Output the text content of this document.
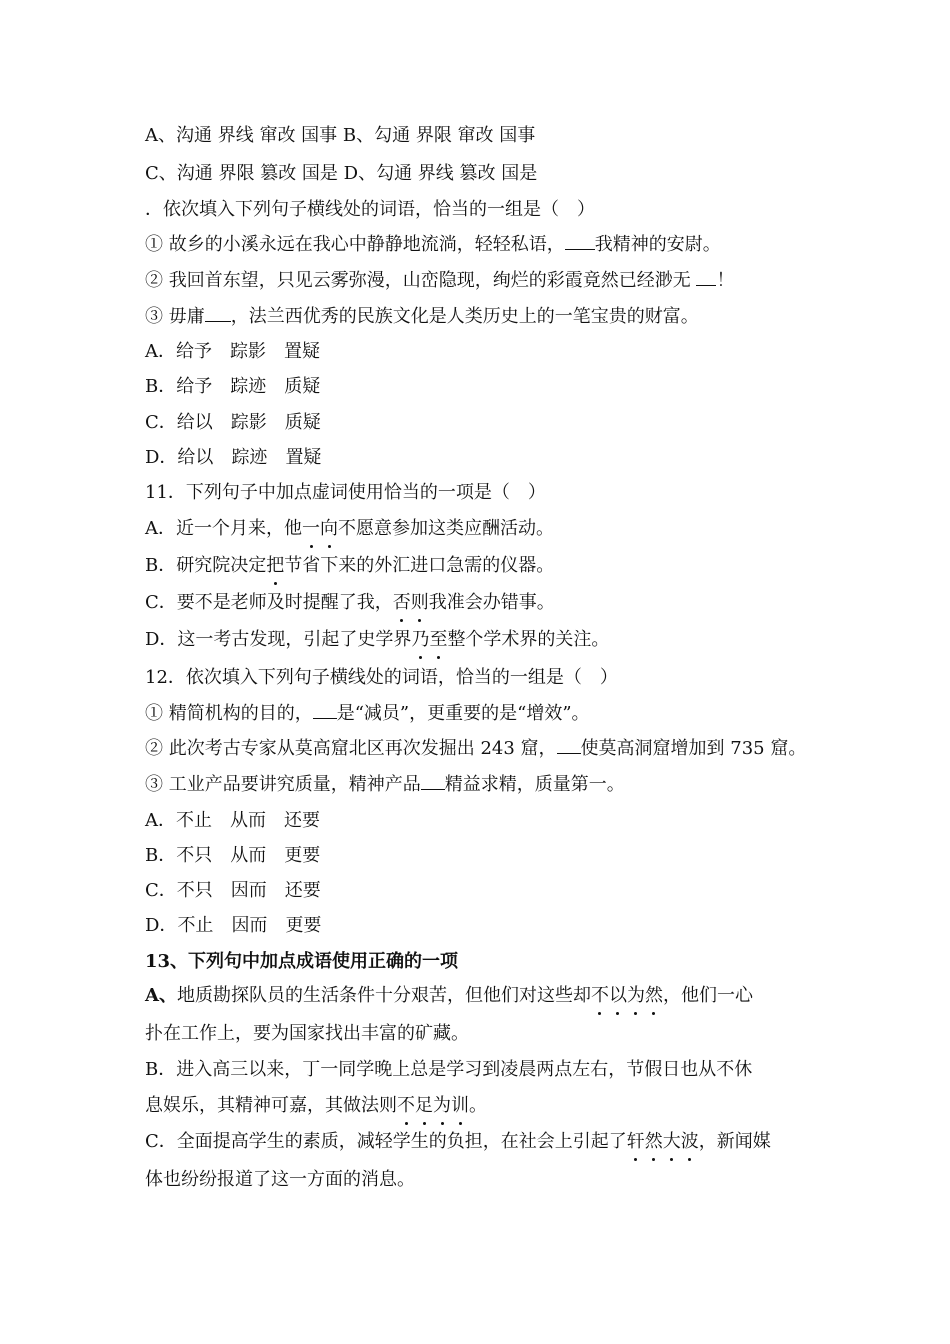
A、沟通 界线 窜改 国事 B、勾通 界限 窜改 国事
C、沟通 界限 篡改 国是 D、勾通 界线 篡改 国是
．依次填入下列句子横线处的词语，恰当的一组是（　）
① 故乡的小溪永远在我心中静静地流淌，轻轻私语， 我精神的安尉。
② 我回首东望，只见云雾弥漫，山峦隐现，绚烂的彩霞竟然已经渺无 ！
③ 毋庸 ，法兰西优秀的民族文化是人类历史上的一笔宝贵的财富。
A．给予 踪影 置疑
B．给予 踪迹 质疑
C．给以 踪影 质疑
D．给以 踪迹 置疑
11．下列句子中加点虚词使用恰当的一项是（　）
A．近一个月来，他一向不愿意参加这类应酬活动。
B．研究院决定把节省下来的外汇进口急需的仪器。
C．要不是老师及时提醒了我，否则我准会办错事。
D．这一考古发现，引起了史学界乃至整个学术界的关注。
12．依次填入下列句子横线处的词语，恰当的一组是（　）
① 精简机构的目的， 是“减员”，更重要的是“增效”。
② 此次考古专家从莫高窟北区再次发掘出 243 窟， 使莫高洞窟增加到 735 窟。
③ 工业产品要讲究质量，精神产品 精益求精，质量第一。
A．不止 从而 还要
B．不只 从而 更要
C．不只 因而 还要
D．不止 因而 更要
13、下列句中加点成语使用正确的一项
A、地质勘探队员的生活条件十分艰苦，但他们对这些却不以为然，他们一心
扑在工作上，要为国家找出丰富的矿藏。
B．进入高三以来，丁一同学晚上总是学习到凌晨两点左右，节假日也从不休
息娱乐，其精神可嘉，其做法则不足为训。
C．全面提高学生的素质，减轻学生的负担，在社会上引起了轩然大波，新闻媒
体也纷纷报道了这一方面的消息。
